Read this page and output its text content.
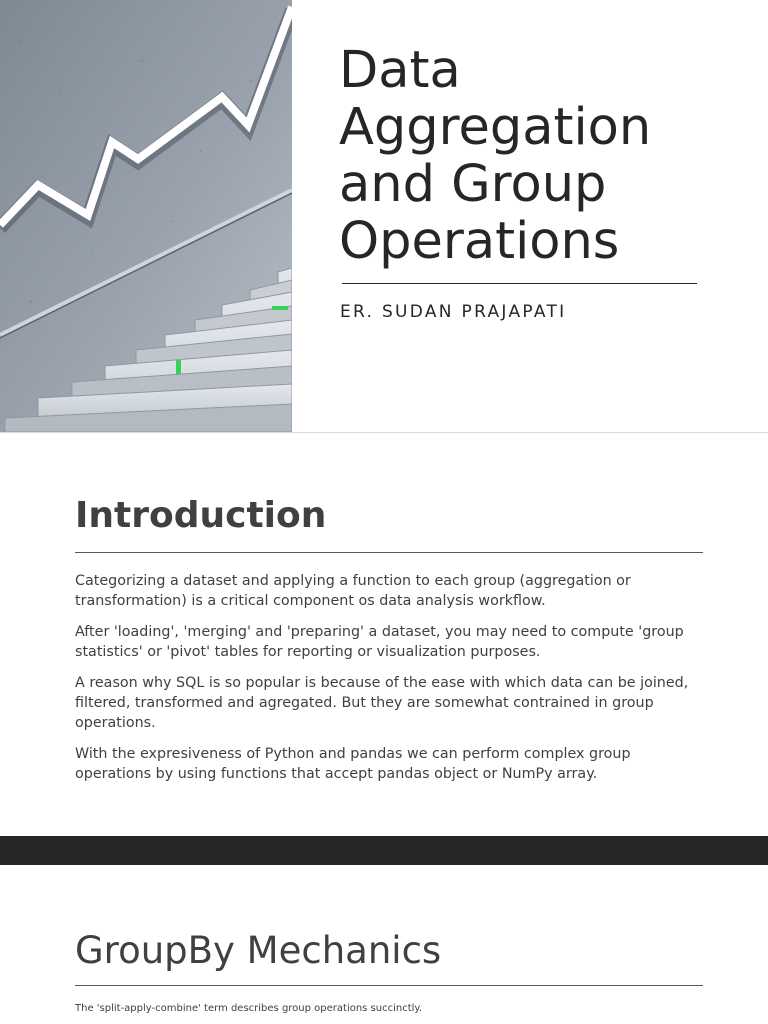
Data
Aggregation
and Group
Operations
ER. SUDAN PRAJAPATI
Introduction

Categorizing a dataset and applying a function to each group (aggregation or transformation) is a critical component os data analysis workflow.

After 'loading', 'merging' and 'preparing' a dataset, you may need to compute 'group statistics' or 'pivot' tables for reporting or visualization purposes.

A reason why SQL is so popular is because of the ease with which data can be joined, filtered, transformed and agregated. But they are somewhat contrained in group operations.

With the expresiveness of Python and pandas we can perform complex group operations by using functions that accept pandas object or NumPy array.

GroupBy Mechanics
The 'split-apply-combine' term describes group operations succinctly.
